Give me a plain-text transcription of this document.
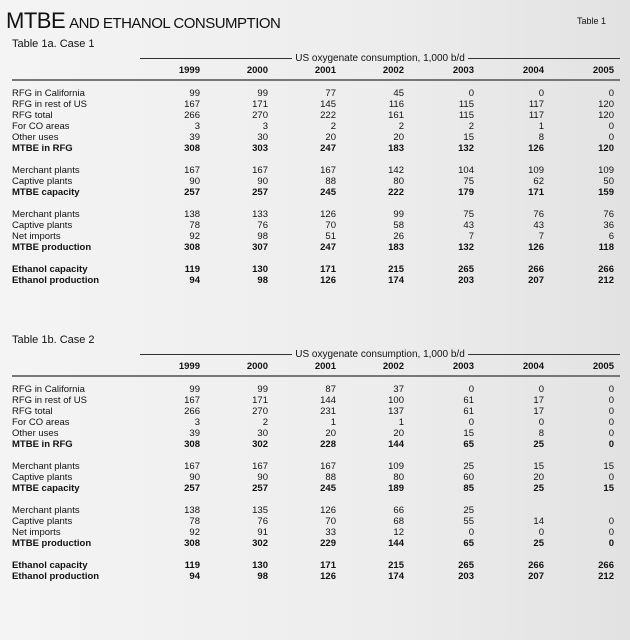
MTBE AND ETHANOL CONSUMPTION	Table 1
Table 1a. Case 1
US oxygenate consumption, 1,000 b/d
1999	2000	2001	2002	2003	2004	2005
RFG in California	99	99	77	45	0	0	0
RFG in rest of US	167	171	145	116	115	117	120
RFG total	266	270	222	161	115	117	120
For CO areas	3	3	2	2	2	1	0
Other uses	39	30	20	20	15	8	0
MTBE in RFG	308	303	247	183	132	126	120
Merchant plants	167	167	167	142	104	109	109
Captive plants	90	90	88	80	75	62	50
MTBE capacity	257	257	245	222	179	171	159
Merchant plants	138	133	126	99	75	76	76
Captive plants	78	76	70	58	43	43	36
Net imports	92	98	51	26	7	7	6
MTBE production	308	307	247	183	132	126	118
Ethanol capacity	119	130	171	215	265	266	266
Ethanol production	94	98	126	174	203	207	212
Table 1b. Case 2
US oxygenate consumption, 1,000 b/d
1999	2000	2001	2002	2003	2004	2005
RFG in California	99	99	87	37	0	0	0
RFG in rest of US	167	171	144	100	61	17	0
RFG total	266	270	231	137	61	17	0
For CO areas	3	2	1	1	0	0	0
Other uses	39	30	20	20	15	8	0
MTBE in RFG	308	302	228	144	65	25	0
Merchant plants	167	167	167	109	25	15	15
Captive plants	90	90	88	80	60	20	0
MTBE capacity	257	257	245	189	85	25	15
Merchant plants	138	135	126	66	25
Captive plants	78	76	70	68	55	14	0
Net imports	92	91	33	12	0	0	0
MTBE production	308	302	229	144	65	25	0
Ethanol capacity	119	130	171	215	265	266	266
Ethanol production	94	98	126	174	203	207	212
